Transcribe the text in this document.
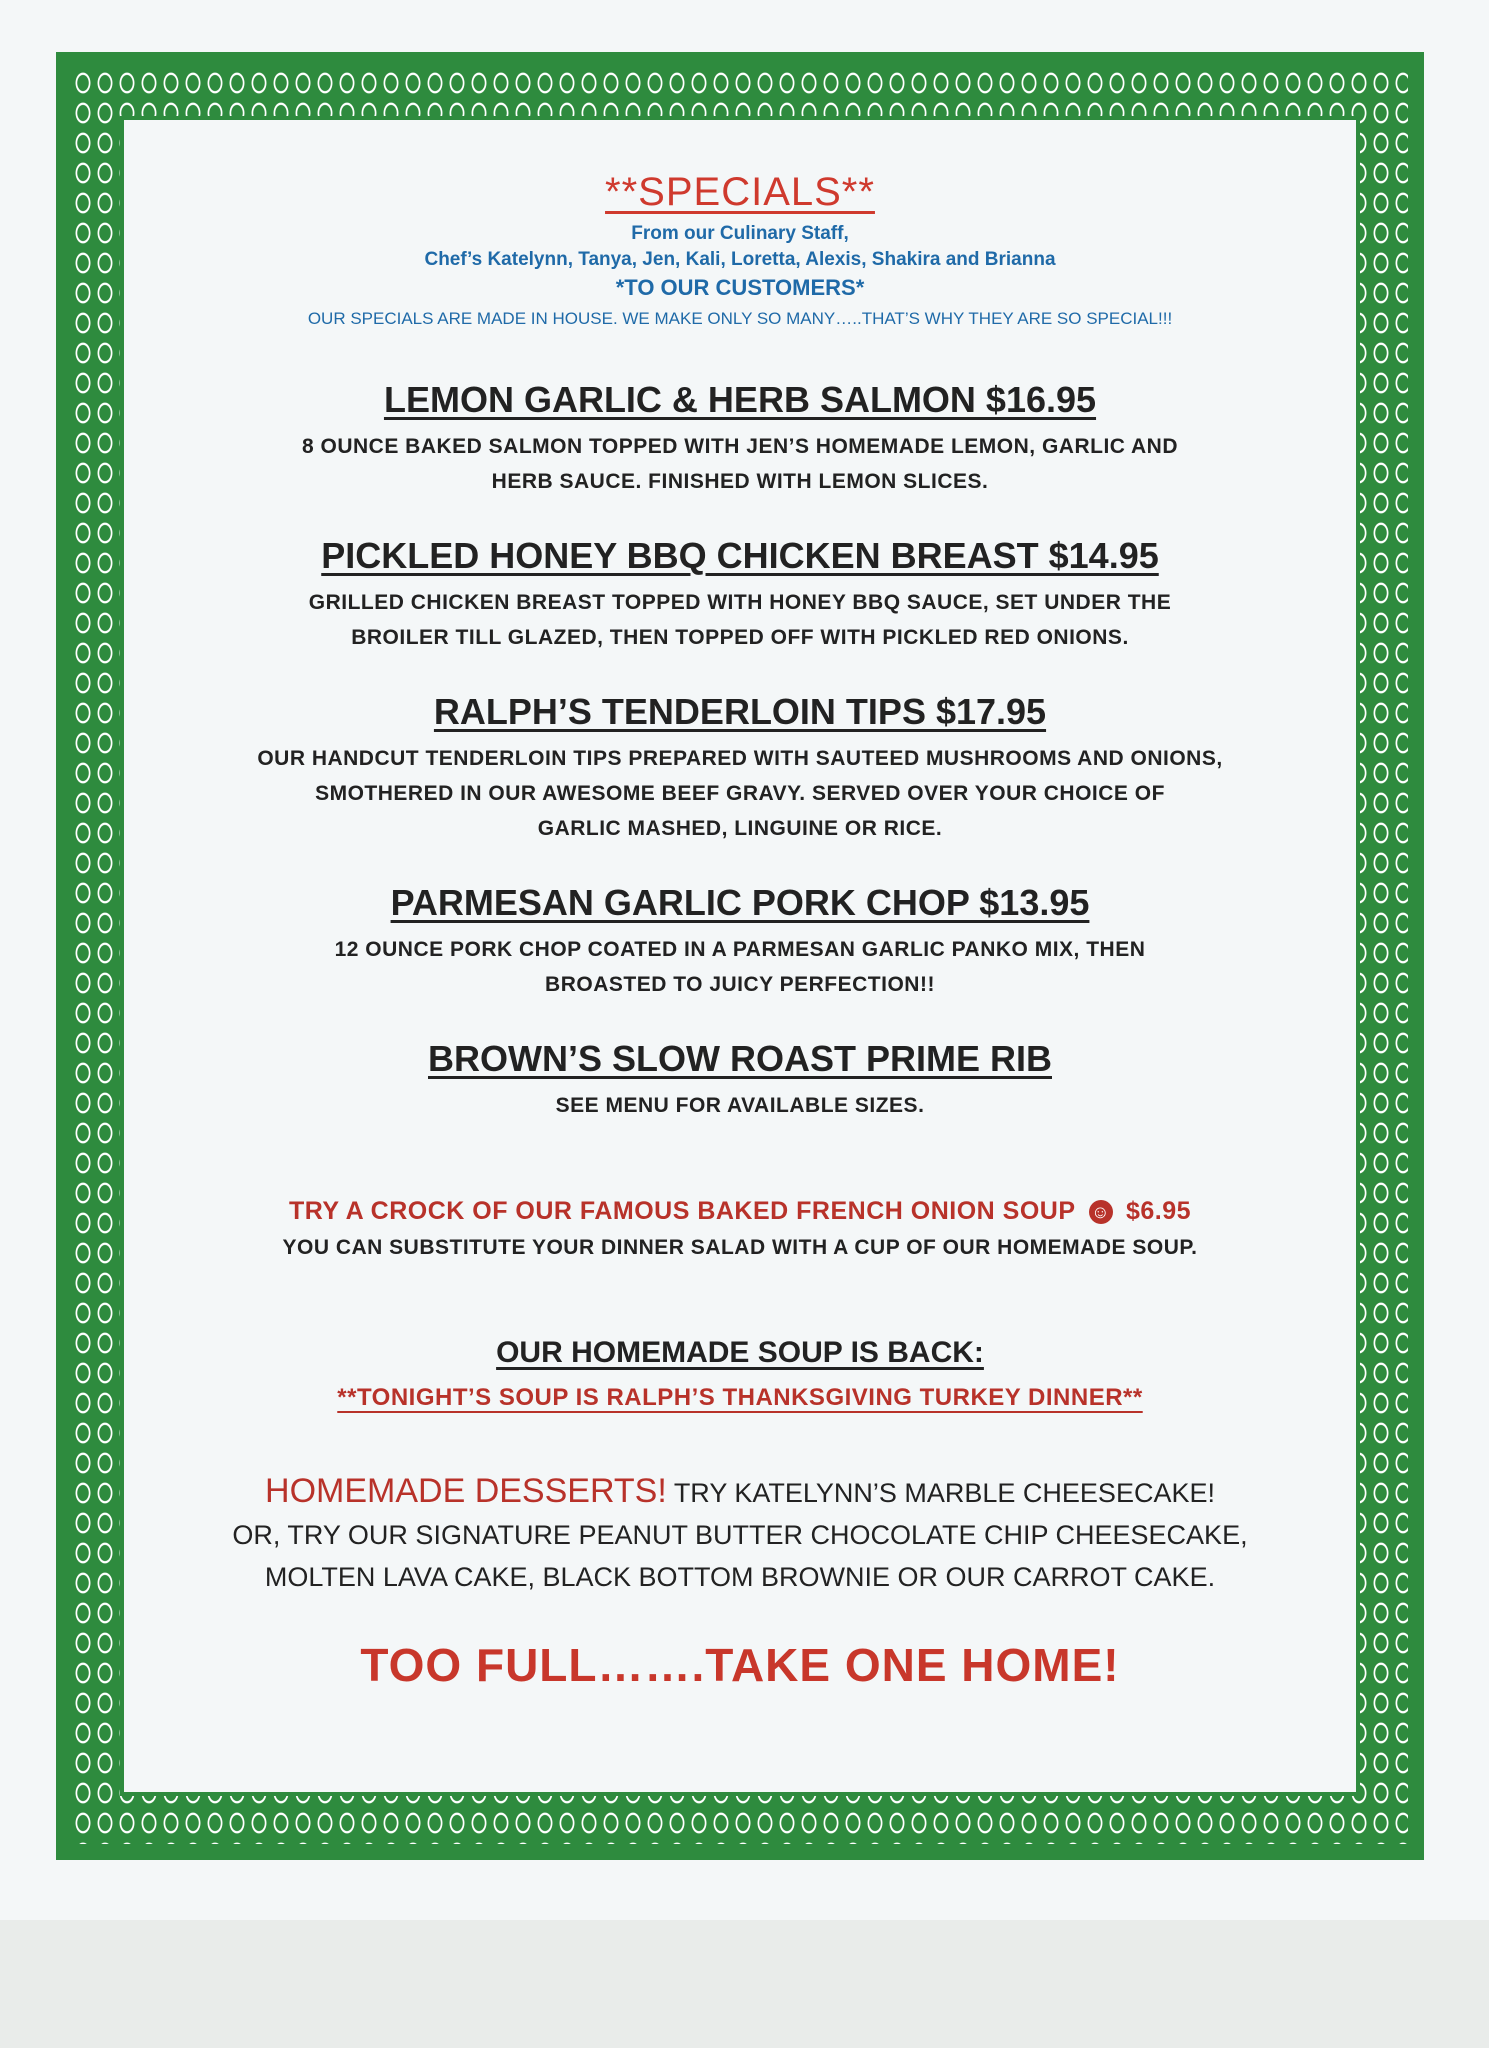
**SPECIALS**
From our Culinary Staff,
Chef’s Katelynn, Tanya, Jen, Kali, Loretta, Alexis, Shakira and Brianna
*TO OUR CUSTOMERS*
OUR SPECIALS ARE MADE IN HOUSE. WE MAKE ONLY SO MANY…..THAT’S WHY THEY ARE SO SPECIAL!!!
LEMON GARLIC & HERB SALMON $16.95

8 OUNCE BAKED SALMON TOPPED WITH JEN’S HOMEMADE LEMON, GARLIC AND

HERB SAUCE. FINISHED WITH LEMON SLICES.

PICKLED HONEY BBQ CHICKEN BREAST $14.95

GRILLED CHICKEN BREAST TOPPED WITH HONEY BBQ SAUCE, SET UNDER THE

BROILER TILL GLAZED, THEN TOPPED OFF WITH PICKLED RED ONIONS.

RALPH’S TENDERLOIN TIPS $17.95

OUR HANDCUT TENDERLOIN TIPS PREPARED WITH SAUTEED MUSHROOMS AND ONIONS,

SMOTHERED IN OUR AWESOME BEEF GRAVY. SERVED OVER YOUR CHOICE OF

GARLIC MASHED, LINGUINE OR RICE.

PARMESAN GARLIC PORK CHOP $13.95

12 OUNCE PORK CHOP COATED IN A PARMESAN GARLIC PANKO MIX, THEN

BROASTED TO JUICY PERFECTION!!

BROWN’S SLOW ROAST PRIME RIB

SEE MENU FOR AVAILABLE SIZES.

TRY A CROCK OF OUR FAMOUS BAKED FRENCH ONION SOUP ☺ $6.95

YOU CAN SUBSTITUTE YOUR DINNER SALAD WITH A CUP OF OUR HOMEMADE SOUP.

OUR HOMEMADE SOUP IS BACK:
**TONIGHT’S SOUP IS RALPH’S THANKSGIVING TURKEY DINNER**
HOMEMADE DESSERTS! TRY KATELYNN’S MARBLE CHEESECAKE!
OR, TRY OUR SIGNATURE PEANUT BUTTER CHOCOLATE CHIP CHEESECAKE,
MOLTEN LAVA CAKE, BLACK BOTTOM BROWNIE OR OUR CARROT CAKE.
TOO FULL…….TAKE ONE HOME!
